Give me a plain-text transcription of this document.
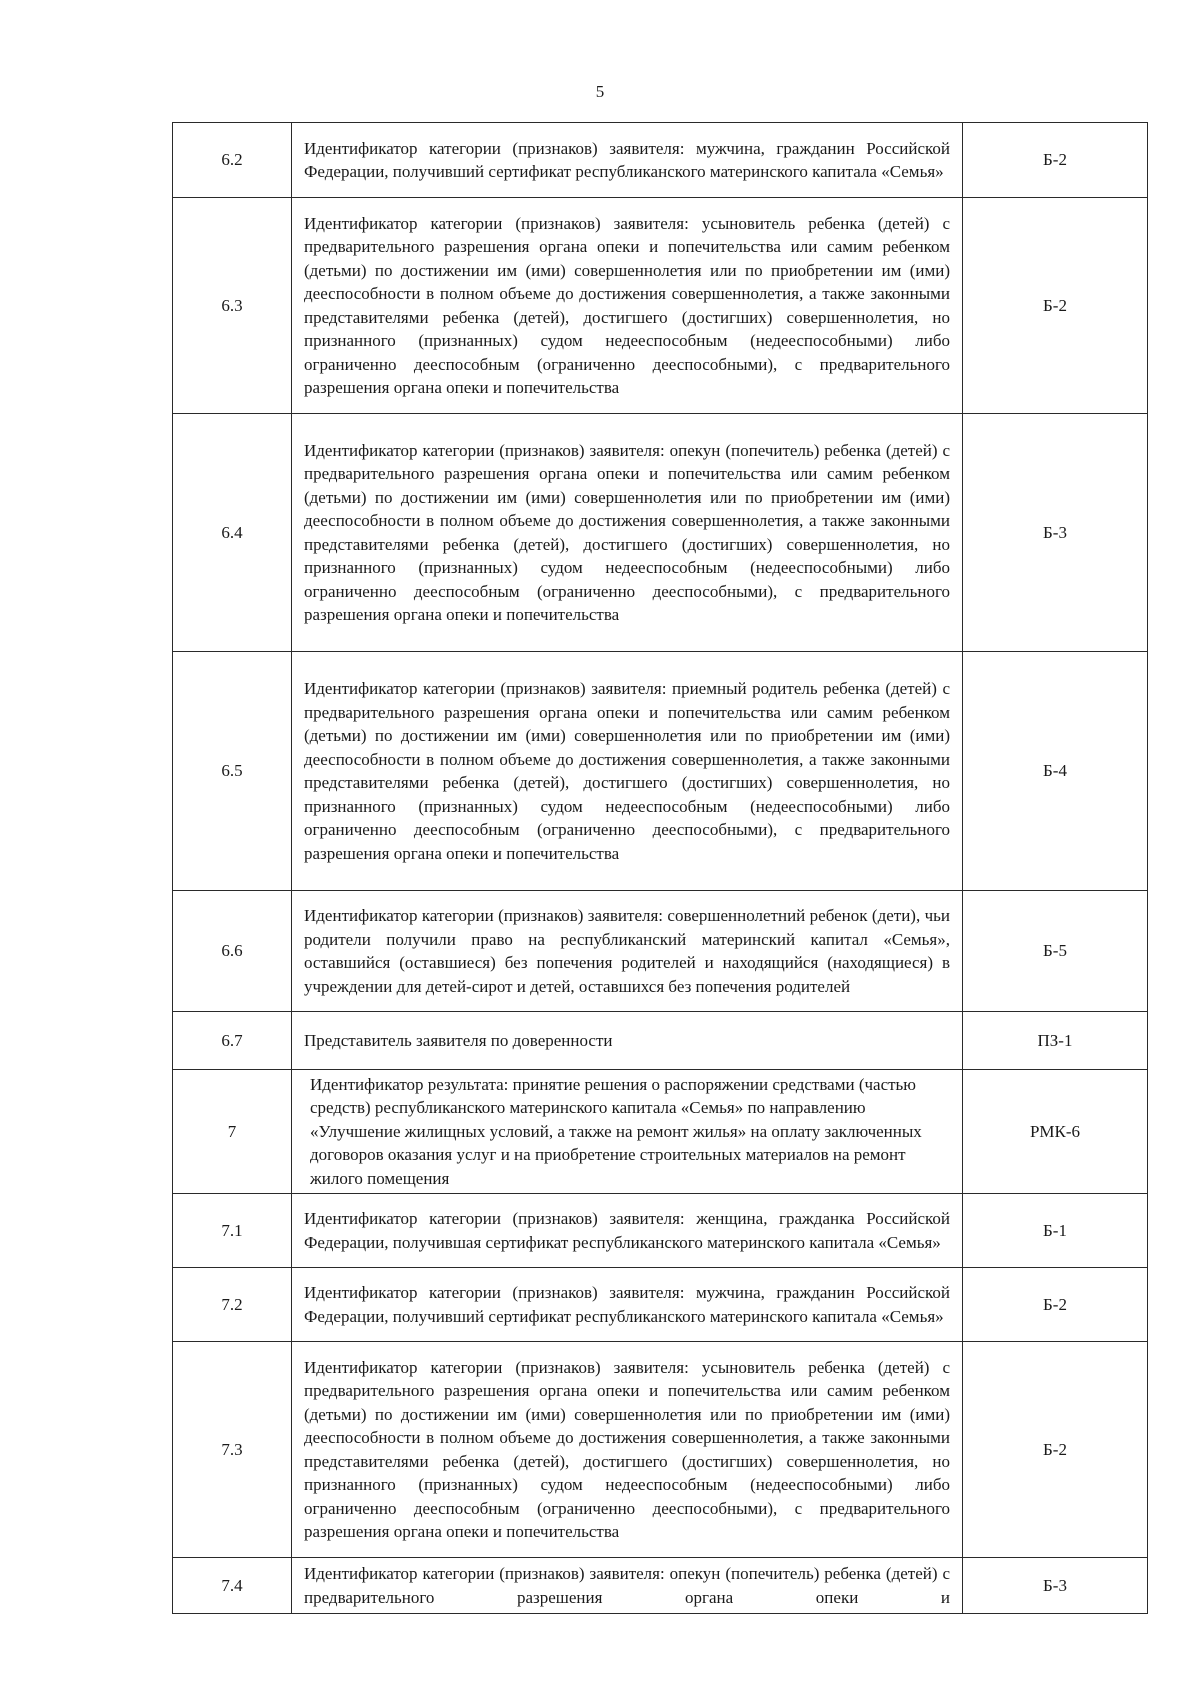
5
6.2	Идентификатор категории (признаков) заявителя: мужчина, гражданин Российской Федерации, получивший сертификат республиканского материнского капитала «Семья»	Б-2
6.3	Идентификатор категории (признаков) заявителя: усыновитель ребенка (детей) с предварительного разрешения органа опеки и попечительства или самим ребенком (детьми) по достижении им (ими) совершеннолетия или по приобретении им (ими) дееспособности в полном объеме до достижения совершеннолетия, а также законными представителями ребенка (детей), достигшего (достигших) совершеннолетия, но признанного (признанных) судом недееспособным (недееспособными) либо ограниченно дееспособным (ограниченно дееспособными), с предварительного разрешения органа опеки и попечительства	Б-2
6.4	Идентификатор категории (признаков) заявителя: опекун (попечитель) ребенка (детей) с предварительного разрешения органа опеки и попечительства или самим ребенком (детьми) по достижении им (ими) совершеннолетия или по приобретении им (ими) дееспособности в полном объеме до достижения совершеннолетия, а также законными представителями ребенка (детей), достигшего (достигших) совершеннолетия, но признанного (признанных) судом недееспособным (недееспособными) либо ограниченно дееспособным (ограниченно дееспособными), с предварительного разрешения органа опеки и попечительства	Б-3
6.5	Идентификатор категории (признаков) заявителя: приемный родитель ребенка (детей) с предварительного разрешения органа опеки и попечительства или самим ребенком (детьми) по достижении им (ими) совершеннолетия или по приобретении им (ими) дееспособности в полном объеме до достижения совершеннолетия, а также законными представителями ребенка (детей), достигшего (достигших) совершеннолетия, но признанного (признанных) судом недееспособным (недееспособными) либо ограниченно дееспособным (ограниченно дееспособными), с предварительного разрешения органа опеки и попечительства	Б-4
6.6	Идентификатор категории (признаков) заявителя: совершеннолетний ребенок (дети), чьи родители получили право на республиканский материнский капитал «Семья», оставшийся (оставшиеся) без попечения родителей и находящийся (находящиеся) в учреждении для детей-сирот и детей, оставшихся без попечения родителей	Б-5
6.7	Представитель заявителя по доверенности	ПЗ-1
7	Идентификатор результата: принятие решения о распоряжении средствами (частью средств) республиканского материнского капитала «Семья» по направлению «Улучшение жилищных условий, а также на ремонт жилья» на оплату заключенных договоров оказания услуг и на приобретение строительных материалов на ремонт жилого помещения	РМК-6
7.1	Идентификатор категории (признаков) заявителя: женщина, гражданка Российской Федерации, получившая сертификат республиканского материнского капитала «Семья»	Б-1
7.2	Идентификатор категории (признаков) заявителя: мужчина, гражданин Российской Федерации, получивший сертификат республиканского материнского капитала «Семья»	Б-2
7.3	Идентификатор категории (признаков) заявителя: усыновитель ребенка (детей) с предварительного разрешения органа опеки и попечительства или самим ребенком (детьми) по достижении им (ими) совершеннолетия или по приобретении им (ими) дееспособности в полном объеме до достижения совершеннолетия, а также законными представителями ребенка (детей), достигшего (достигших) совершеннолетия, но признанного (признанных) судом недееспособным (недееспособными) либо ограниченно дееспособным (ограниченно дееспособными), с предварительного разрешения органа опеки и попечительства	Б-2
7.4	Идентификатор категории (признаков) заявителя: опекун (попечитель) ребенка (детей) с предварительного разрешения органа опеки и	Б-3
